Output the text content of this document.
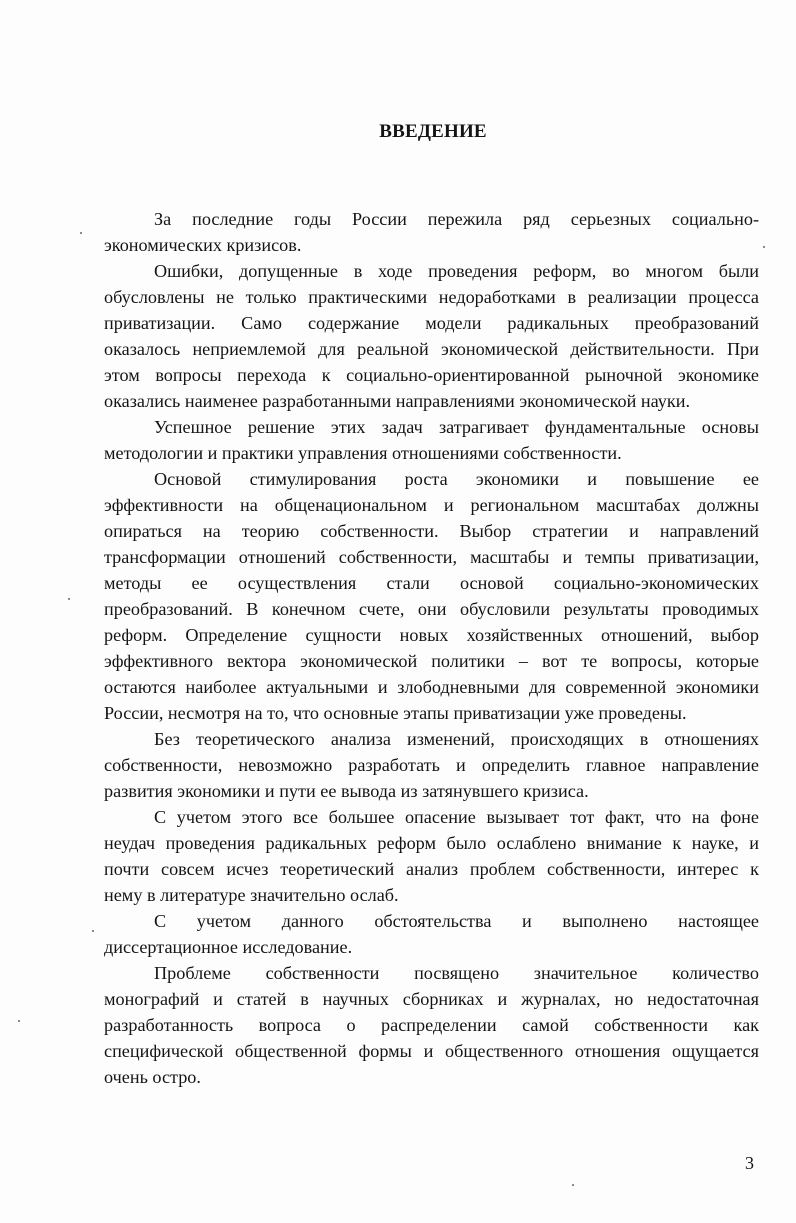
ВВЕДЕНИЕ
За последние годы России пережила ряд серьезных социально-
экономических кризисов.
Ошибки, допущенные в ходе проведения реформ, во многом были
обусловлены не только практическими недоработками в реализации процесса
приватизации. Само содержание модели радикальных преобразований
оказалось неприемлемой для реальной экономической действительности. При
этом вопросы перехода к социально-ориентированной рыночной экономике
оказались наименее разработанными направлениями экономической науки.
Успешное решение этих задач затрагивает фундаментальные основы
методологии и практики управления отношениями собственности.
Основой стимулирования роста экономики и повышение ее
эффективности на общенациональном и региональном масштабах должны
опираться на теорию собственности. Выбор стратегии и направлений
трансформации отношений собственности, масштабы и темпы приватизации,
методы ее осуществления стали основой социально-экономических
преобразований. В конечном счете, они обусловили результаты проводимых
реформ. Определение сущности новых хозяйственных отношений, выбор
эффективного вектора экономической политики – вот те вопросы, которые
остаются наиболее актуальными и злободневными для современной экономики
России, несмотря на то, что основные этапы приватизации уже проведены.
Без теоретического анализа изменений, происходящих в отношениях
собственности, невозможно разработать и определить главное направление
развития экономики и пути ее вывода из затянувшего кризиса.
С учетом этого все большее опасение вызывает тот факт, что на фоне
неудач проведения радикальных реформ было ослаблено внимание к науке, и
почти совсем исчез теоретический анализ проблем собственности, интерес к
нему в литературе значительно ослаб.
С учетом данного обстоятельства и выполнено настоящее
диссертационное исследование.
Проблеме собственности посвящено значительное количество
монографий и статей в научных сборниках и журналах, но недостаточная
разработанность вопроса о распределении самой собственности как
специфической общественной формы и общественного отношения ощущается
очень остро.
3
